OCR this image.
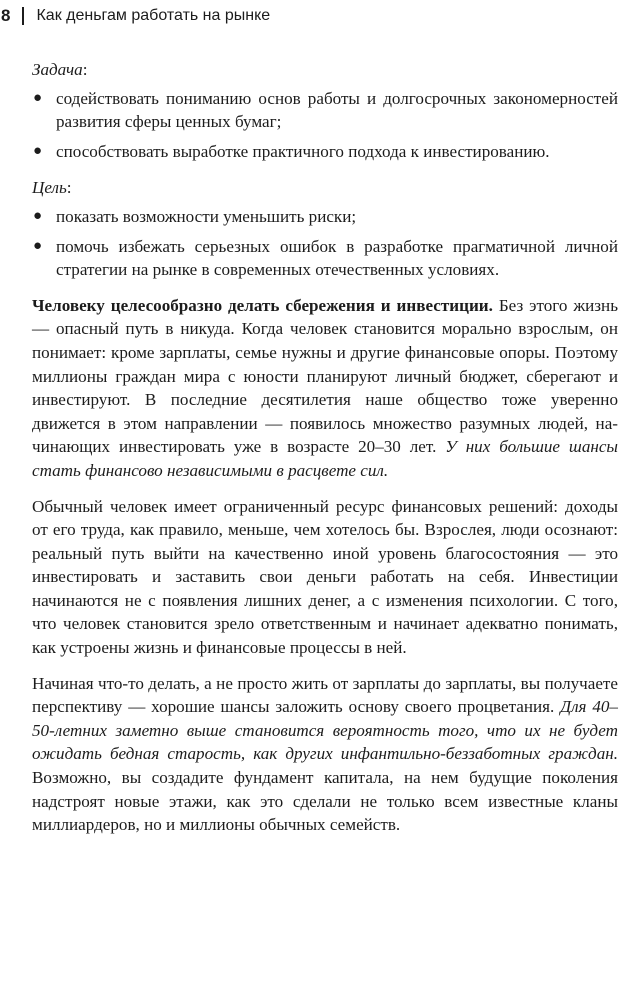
8 Как деньгам работать на рынке

Задача:

● содействовать пониманию основ работы и долгосрочных закономерностей развития сферы ценных бумаг;
● способствовать выработке практичного подхода к инвестированию.

Цель:

● показать возможности уменьшить риски;
● помочь избежать серьезных ошибок в разработке прагматичной личной стратегии на рынке в современных отечественных условиях.

Человеку целесообразно делать сбережения и инвестиции. Без этого жизнь — опасный путь в никуда. Когда человек становится морально взрослым, он понимает: кроме зарплаты, семье нужны и другие финансовые опоры. Поэтому миллионы граждан мира с юности планируют личный бюджет, сберегают и инвестируют. В последние десятилетия наше общество тоже уверенно движется в этом направлении — появилось множество разумных людей, начинающих инвестировать уже в возрасте 20–30 лет. У них большие шансы стать финансово независимыми в расцвете сил.

Обычный человек имеет ограниченный ресурс финансовых решений: доходы от его труда, как правило, меньше, чем хотелось бы. Взрослея, люди осознают: реальный путь выйти на качественно иной уровень благосостояния — это инвестировать и заставить свои деньги работать на себя. Инвестиции начинаются не с появления лишних денег, а с изменения психологии. С того, что человек становится зрело ответственным и начинает адекватно понимать, как устроены жизнь и финансовые процессы в ней.

Начиная что-то делать, а не просто жить от зарплаты до зарплаты, вы получаете перспективу — хорошие шансы заложить основу своего процветания. Для 40–50-летних заметно выше становится вероятность того, что их не будет ожидать бедная старость, как других инфантильно-беззаботных граждан. Возможно, вы создадите фундамент капитала, на нем будущие поколения надстроят новые этажи, как это сделали не только всем известные кланы миллиардеров, но и миллионы обычных семейств.
